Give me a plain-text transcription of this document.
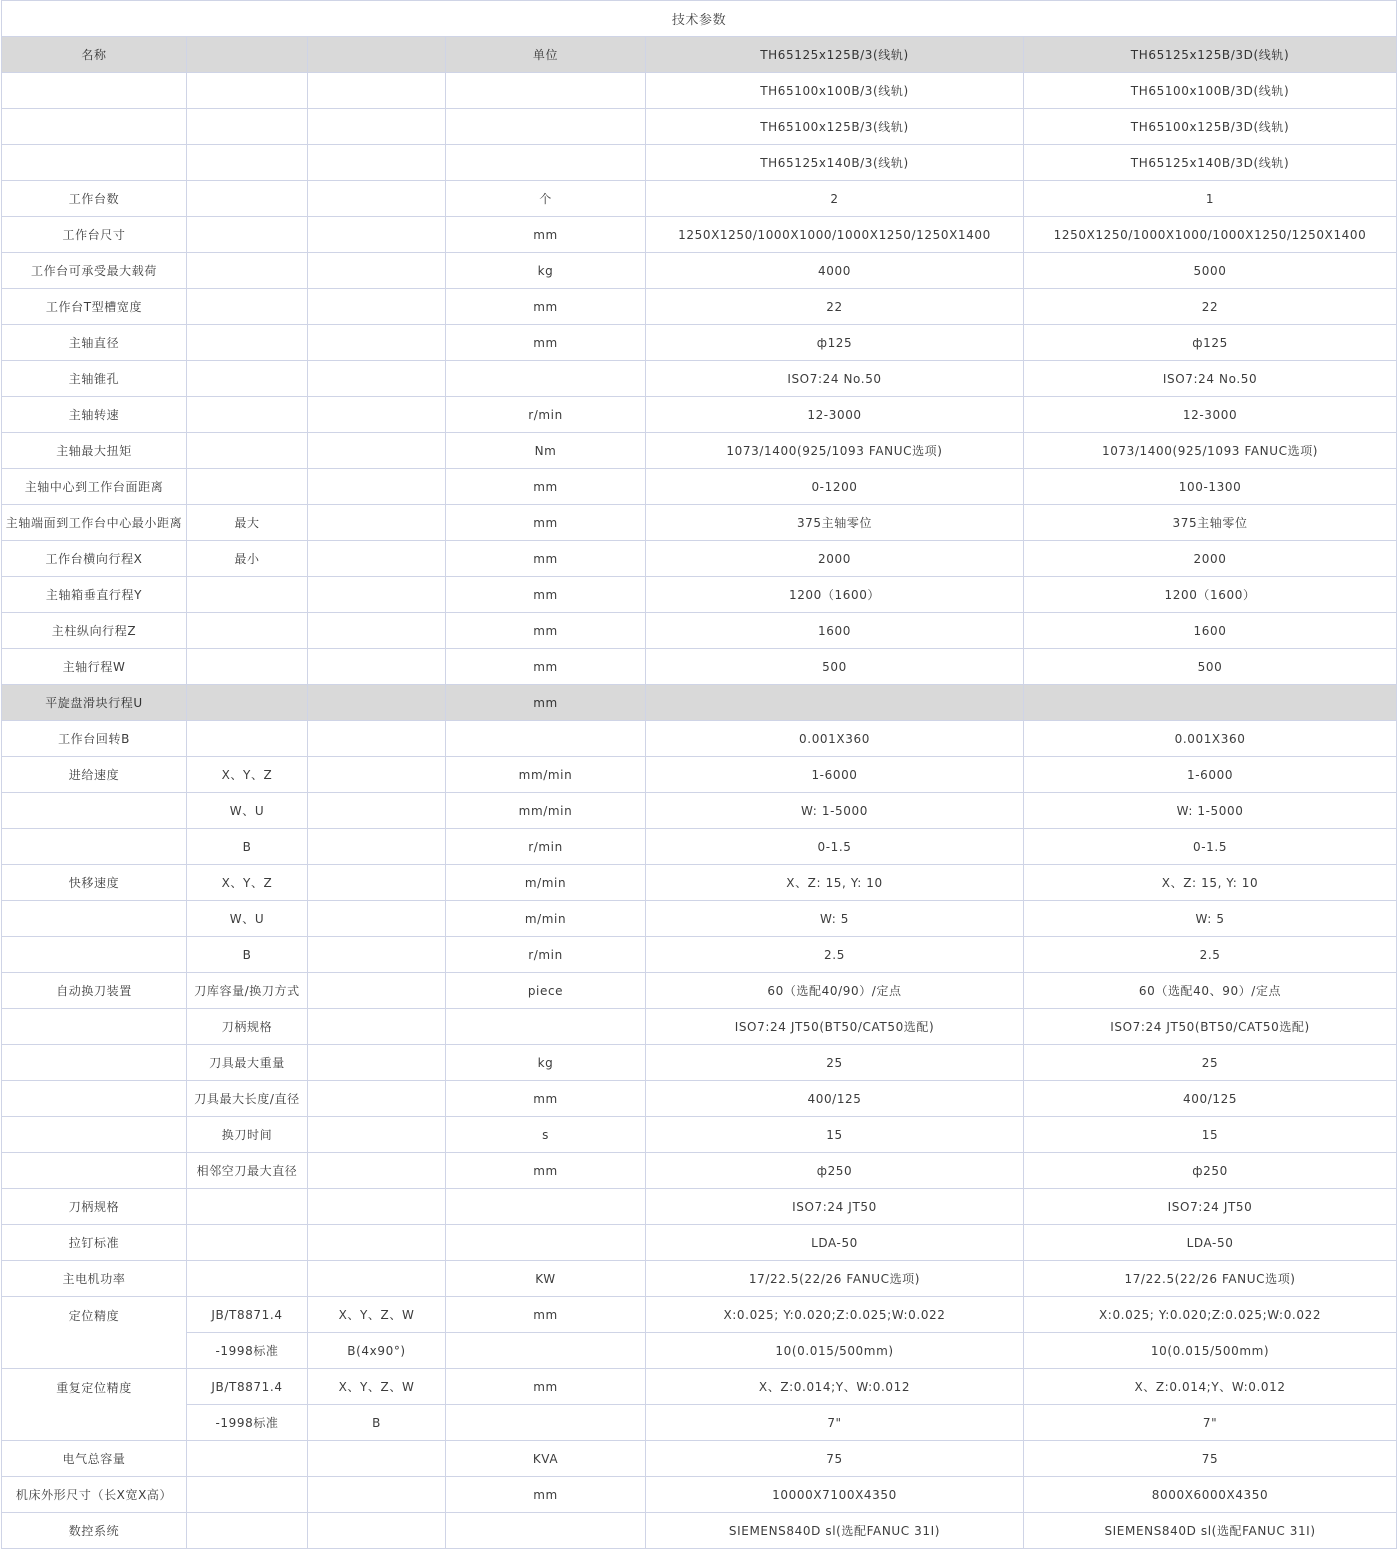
技术参数					
名称			单位	TH65125x125B/3(线轨)	TH65125x125B/3D(线轨)
				TH65100x100B/3(线轨)	TH65100x100B/3D(线轨)
				TH65100x125B/3(线轨)	TH65100x125B/3D(线轨)
				TH65125x140B/3(线轨)	TH65125x140B/3D(线轨)
工作台数			个	2	1
工作台尺寸			mm	1250X1250/1000X1000/1000X1250/1250X1400	1250X1250/1000X1000/1000X1250/1250X1400
工作台可承受最大载荷			kg	4000	5000
工作台T型槽宽度			mm	22	22
主轴直径			mm	ф125	ф125
主轴锥孔				ISO7:24 No.50	ISO7:24 No.50
主轴转速			r/min	12-3000	12-3000
主轴最大扭矩			Nm	1073/1400(925/1093 FANUC选项)	1073/1400(925/1093 FANUC选项)
主轴中心到工作台面距离			mm	0-1200	100-1300
主轴端面到工作台中心最小距离	最大		mm	375主轴零位	375主轴零位
工作台横向行程X	最小		mm	2000	2000
主轴箱垂直行程Y			mm	1200（1600）	1200（1600）
主柱纵向行程Z			mm	1600	1600
主轴行程W			mm	500	500
平旋盘滑块行程U			mm		
工作台回转B				0.001X360	0.001X360
进给速度	X、Y、Z		mm/min	1-6000	1-6000
	W、U		mm/min	W: 1-5000	W: 1-5000
	B		r/min	0-1.5	0-1.5
快移速度	X、Y、Z		m/min	X、Z: 15, Y: 10	X、Z: 15, Y: 10
	W、U		m/min	W: 5	W: 5
	B		r/min	2.5	2.5
自动换刀装置	刀库容量/换刀方式		piece	60（选配40/90）/定点	60（选配40、90）/定点
	刀柄规格			ISO7:24 JT50(BT50/CAT50选配)	ISO7:24 JT50(BT50/CAT50选配)
	刀具最大重量		kg	25	25
	刀具最大长度/直径		mm	400/125	400/125
	换刀时间		s	15	15
	相邻空刀最大直径		mm	ф250	ф250
刀柄规格				ISO7:24 JT50	ISO7:24 JT50
拉钉标准				LDA-50	LDA-50
主电机功率			KW	17/22.5(22/26 FANUC选项)	17/22.5(22/26 FANUC选项)
定位精度	JB/T8871.4	X、Y、Z、W	mm	X:0.025; Y:0.020;Z:0.025;W:0.022	X:0.025; Y:0.020;Z:0.025;W:0.022
	-1998标准	B(4x90°)		10(0.015/500mm)	10(0.015/500mm)
重复定位精度	JB/T8871.4	X、Y、Z、W	mm	X、Z:0.014;Y、W:0.012	X、Z:0.014;Y、W:0.012
	-1998标准	B		7"	7"
电气总容量			KVA	75	75
机床外形尺寸（长X宽X高）			mm	10000X7100X4350	8000X6000X4350
数控系统				SIEMENS840D sl(选配FANUC 31I)	SIEMENS840D sl(选配FANUC 31I)
